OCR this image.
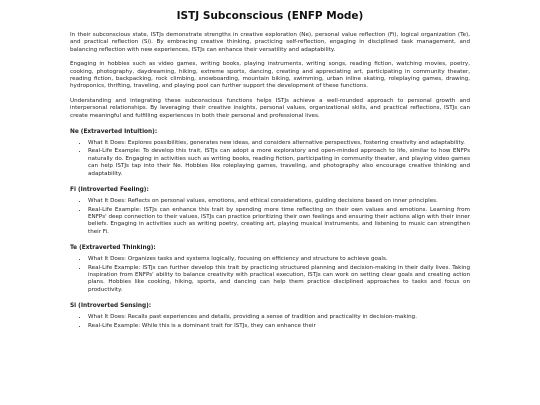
ISTJ Subconscious (ENFP Mode)

In their subconscious state, ISTJs demonstrate strengths in creative exploration (Ne), personal value reflection (Fi), logical organization (Te), and practical reflection (Si). By embracing creative thinking, practicing self-reflection, engaging in disciplined task management, and balancing reflection with new experiences, ISTJs can enhance their versatility and adaptability.

Engaging in hobbies such as video games, writing books, playing instruments, writing songs, reading fiction, watching movies, poetry, cooking, photography, daydreaming, hiking, extreme sports, dancing, creating and appreciating art, participating in community theater, reading fiction, backpacking, rock climbing, snowboarding, mountain biking, swimming, urban inline skating, roleplaying games, drawing, hydroponics, thrifting, traveling, and playing pool can further support the development of these functions.

Understanding and integrating these subconscious functions helps ISTJs achieve a well-rounded approach to personal growth and interpersonal relationships. By leveraging their creative insights, personal values, organizational skills, and practical reflections, ISTJs can create meaningful and fulfilling experiences in both their personal and professional lives.

Ne (Extraverted Intuition):
• What It Does: Explores possibilities, generates new ideas, and considers alternative perspectives, fostering creativity and adaptability.
• Real-Life Example: To develop this trait, ISTJs can adopt a more exploratory and open-minded approach to life, similar to how ENFPs naturally do. Engaging in activities such as writing books, reading fiction, participating in community theater, and playing video games can help ISTJs tap into their Ne. Hobbies like roleplaying games, traveling, and photography also encourage creative thinking and adaptability.
Fi (Introverted Feeling):
• What It Does: Reflects on personal values, emotions, and ethical considerations, guiding decisions based on inner principles.
• Real-Life Example: ISTJs can enhance this trait by spending more time reflecting on their own values and emotions. Learning from ENFPs' deep connection to their values, ISTJs can practice prioritizing their own feelings and ensuring their actions align with their inner beliefs. Engaging in activities such as writing poetry, creating art, playing musical instruments, and listening to music can strengthen their Fi.
Te (Extraverted Thinking):
• What It Does: Organizes tasks and systems logically, focusing on efficiency and structure to achieve goals.
• Real-Life Example: ISTJs can further develop this trait by practicing structured planning and decision-making in their daily lives. Taking inspiration from ENFPs' ability to balance creativity with practical execution, ISTJs can work on setting clear goals and creating action plans. Hobbies like cooking, hiking, sports, and dancing can help them practice disciplined approaches to tasks and focus on productivity.
Si (Introverted Sensing):
• What It Does: Recalls past experiences and details, providing a sense of tradition and practicality in decision-making.
• Real-Life Example: While this is a dominant trait for ISTJs, they can enhance their
